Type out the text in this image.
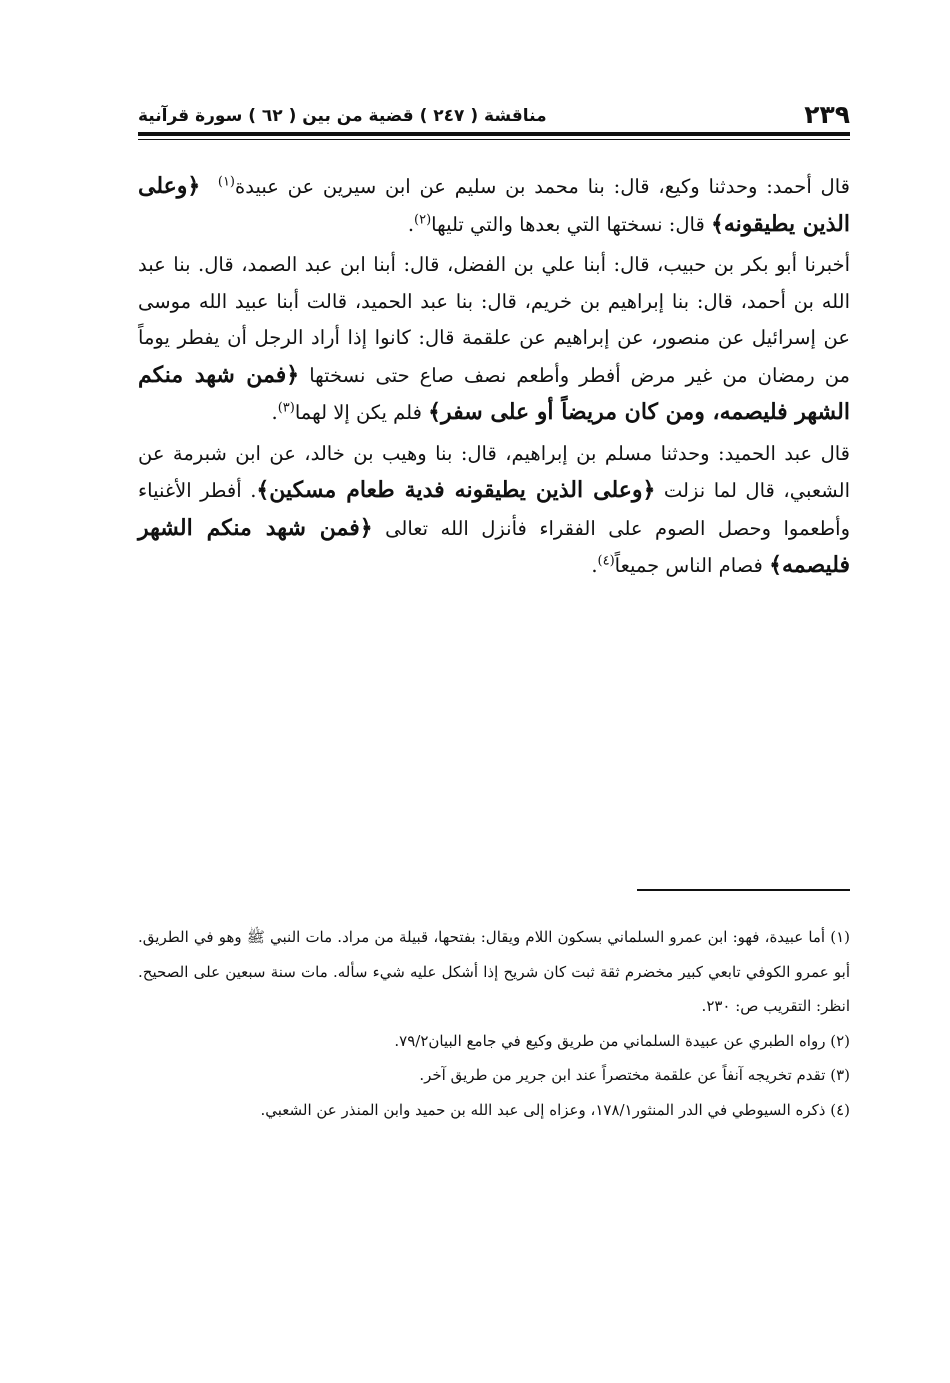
٢٣٩
مناقشة ( ٢٤٧ ) قضية من بين ( ٦٢ ) سورة قرآنية

قال أحمد: وحدثنا وكيع، قال: بنا محمد بن سليم عن ابن سيرين عن عبيدة$^{(١)}$  ﴿وعلى الذين يطيقونه﴾ قال: نسختها التي بعدها والتي تليها$^{(٢)}$.

أخبرنا أبو بكر بن حبيب، قال: أبنا علي بن الفضل، قال: أبنا ابن عبد الصمد، قال. بنا عبد الله بن أحمد، قال: بنا إبراهيم بن خريم، قال: بنا عبد الحميد، قالت أبنا عبيد الله موسى عن إسرائيل عن منصور، عن إبراهيم عن علقمة قال: كانوا إذا أراد الرجل أن يفطر يوماً من رمضان من غير مرض أفطر وأطعم نصف صاع حتى نسختها ﴿فمن شهد منكم الشهر فليصمه، ومن كان مريضاً أو على سفر﴾ فلم يكن إلا لهما$^{(٣)}$.

قال عبد الحميد: وحدثنا مسلم بن إبراهيم، قال: بنا وهيب بن خالد، عن ابن شبرمة عن الشعبي، قال لما نزلت ﴿وعلى الذين يطيقونه فدية طعام مسكين﴾. أفطر الأغنياء وأطعموا وحصل الصوم على الفقراء فأنزل الله تعالى ﴿فمن شهد منكم الشهر فليصمه﴾ فصام الناس جميعاً$^{(٤)}$.

(١) أما عبيدة، فهو: ابن عمرو السلماني بسكون اللام ويقال: بفتحها، قبيلة من مراد. مات النبي ﷺ وهو في الطريق. أبو عمرو الكوفي تابعي كبير مخضرم ثقة ثبت كان شريح إذا أشكل عليه شيء سأله. مات سنة سبعين على الصحيح. انظر: التقريب ص: ٢٣٠.

(٢) رواه الطبري عن عبيدة السلماني من طريق وكيع في جامع البيان٧٩/٢.

(٣) تقدم تخريجه آنفاً عن علقمة مختصراً عند ابن جرير من طريق آخر.

(٤) ذكره السيوطي في الدر المنثور١٧٨/١، وعزاه إلى عبد الله بن حميد وابن المنذر عن الشعبي.
